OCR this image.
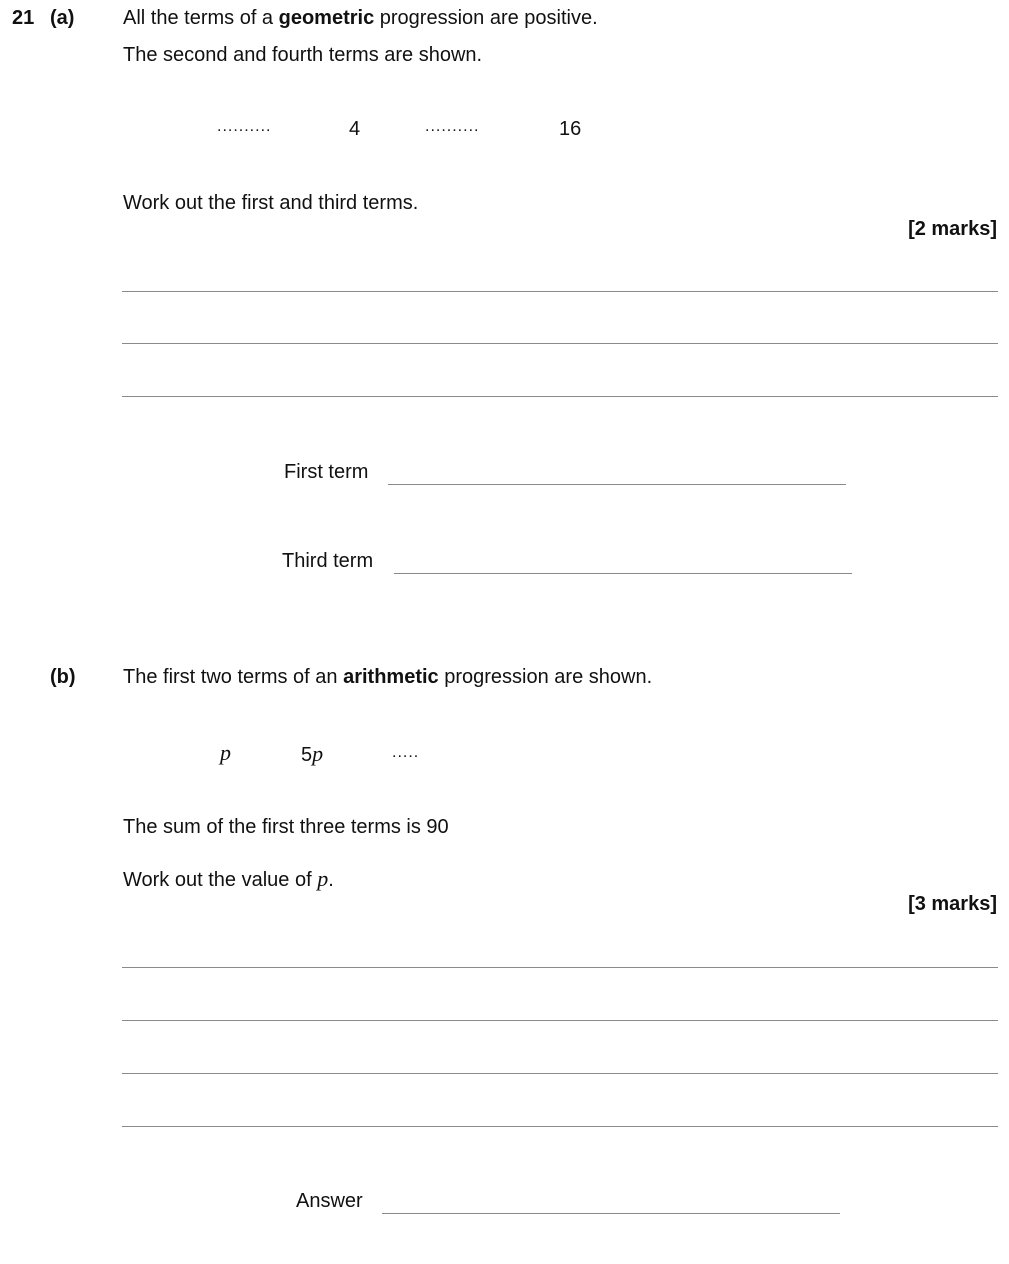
21 (a) All the terms of a geometric progression are positive.
The second and fourth terms are shown.
..........	4	..........	16
Work out the first and third terms.
[2 marks]
First term
Third term
(b) The first two terms of an arithmetic progression are shown.
p	5p	.....
The sum of the first three terms is 90
Work out the value of p.
[3 marks]
Answer
